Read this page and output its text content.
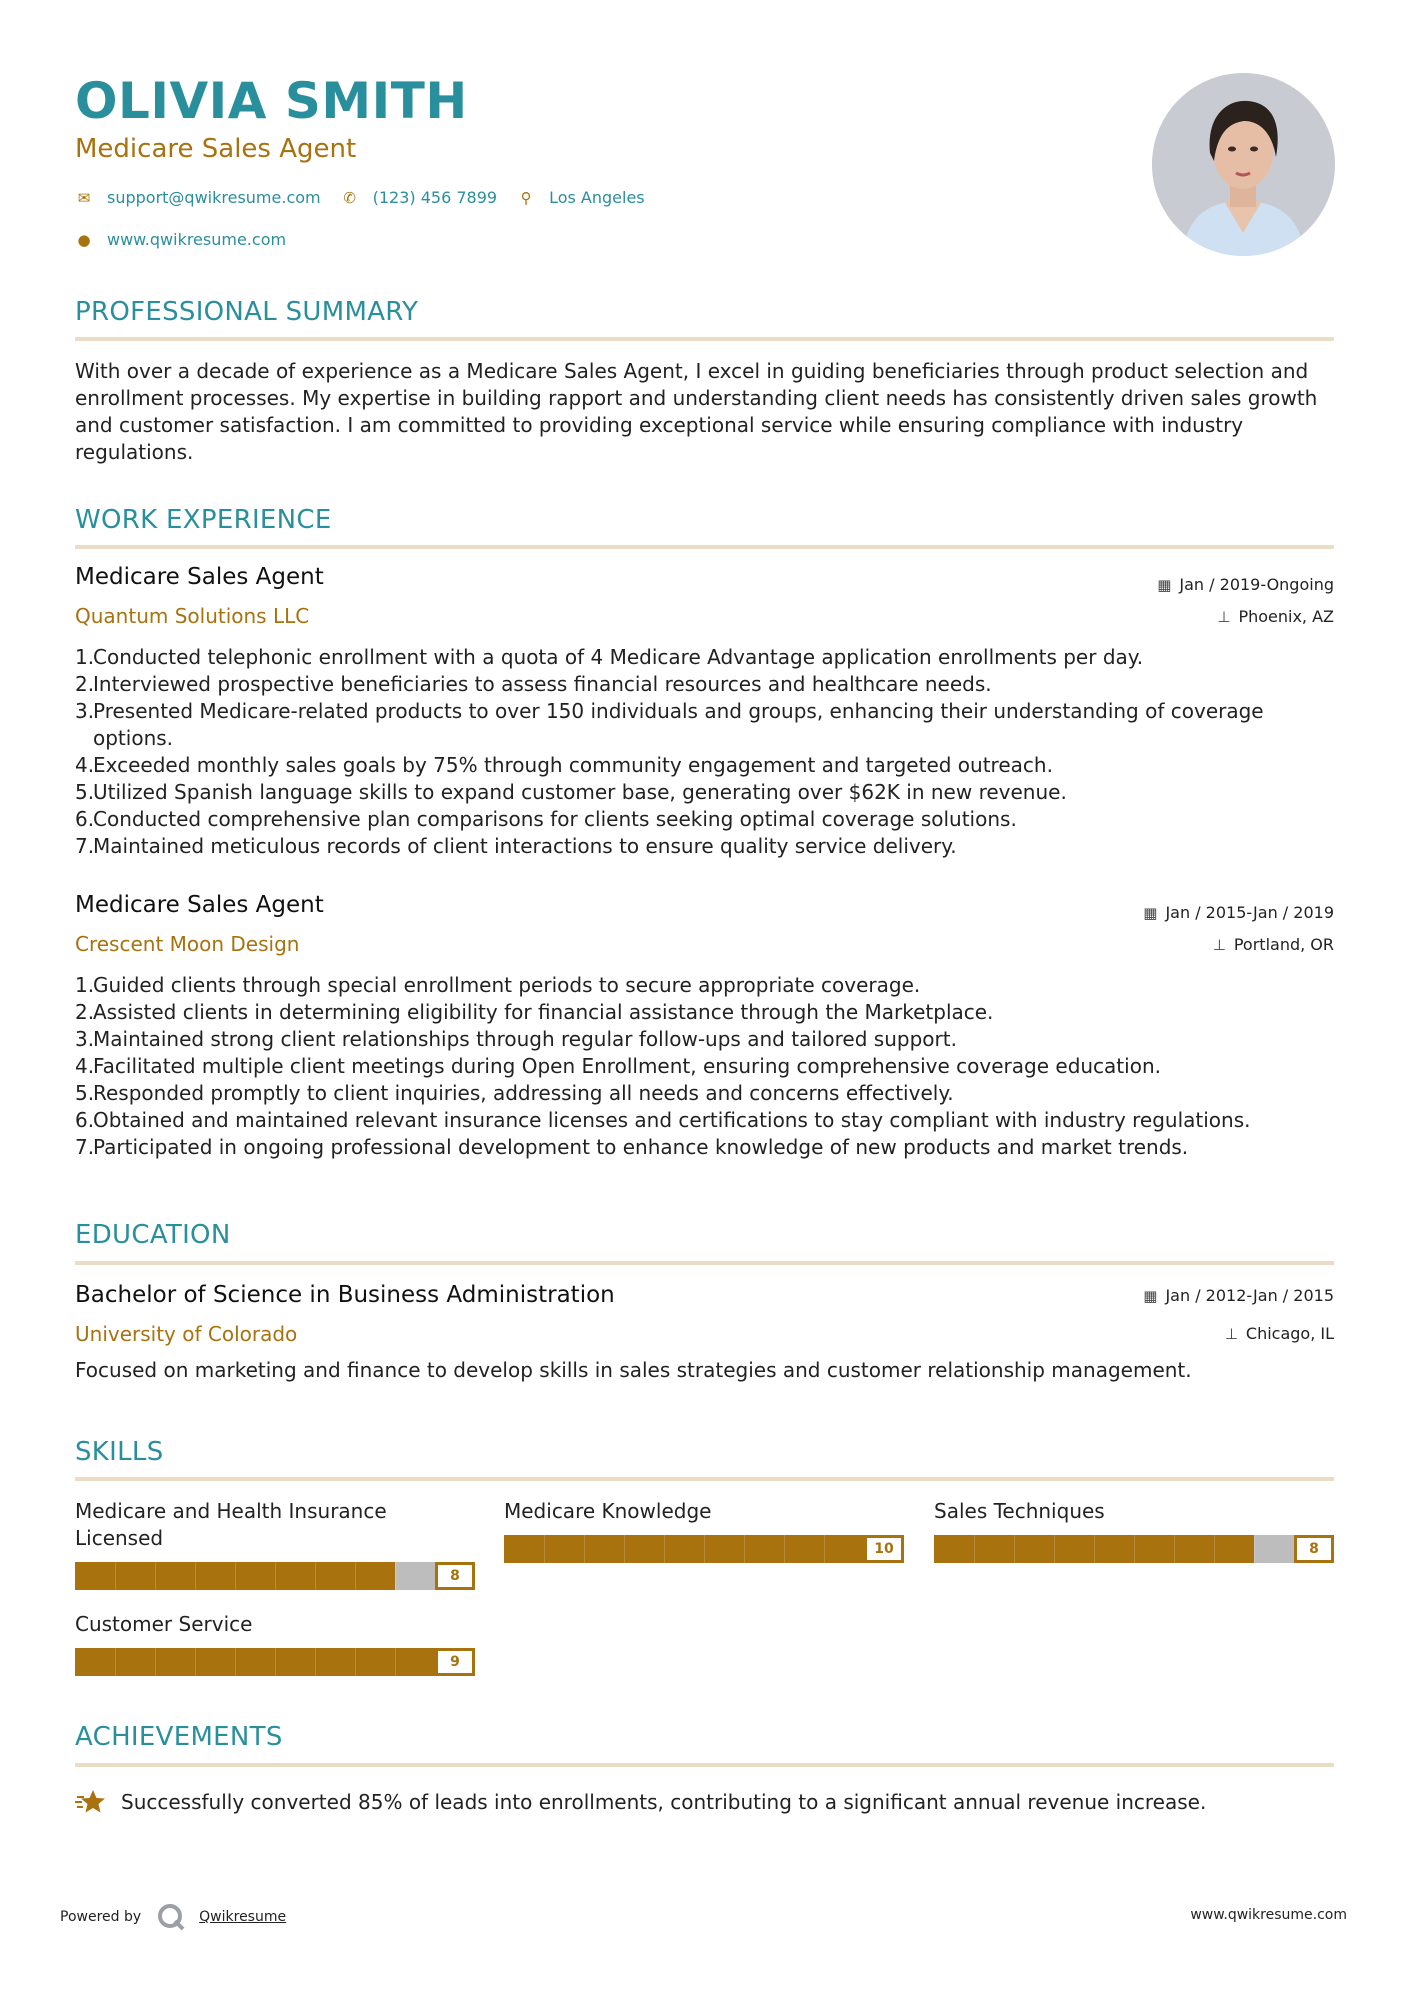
OLIVIA SMITH
Medicare Sales Agent
✉ support@qwikresume.com ✆ (123) 456 7899 ⚲ Los Angeles
● www.qwikresume.com
PROFESSIONAL SUMMARY
With over a decade of experience as a Medicare Sales Agent, I excel in guiding beneficiaries through product selection and enrollment processes. My expertise in building rapport and understanding client needs has consistently driven sales growth and customer satisfaction. I am committed to providing exceptional service while ensuring compliance with industry regulations.
WORK EXPERIENCE
Medicare Sales Agent	▦ Jan / 2019-Ongoing
Quantum Solutions LLC	⊥ Phoenix, AZ
1.
Conducted telephonic enrollment with a quota of 4 Medicare Advantage application enrollments per day.
2.
Interviewed prospective beneficiaries to assess financial resources and healthcare needs.
3.
Presented Medicare-related products to over 150 individuals and groups, enhancing their understanding of coverage options.
4.
Exceeded monthly sales goals by 75% through community engagement and targeted outreach.
5.
Utilized Spanish language skills to expand customer base, generating over $62K in new revenue.
6.
Conducted comprehensive plan comparisons for clients seeking optimal coverage solutions.
7.
Maintained meticulous records of client interactions to ensure quality service delivery.
Medicare Sales Agent	▦ Jan / 2015-Jan / 2019
Crescent Moon Design	⊥ Portland, OR
1.
Guided clients through special enrollment periods to secure appropriate coverage.
2.
Assisted clients in determining eligibility for financial assistance through the Marketplace.
3.
Maintained strong client relationships through regular follow-ups and tailored support.
4.
Facilitated multiple client meetings during Open Enrollment, ensuring comprehensive coverage education.
5.
Responded promptly to client inquiries, addressing all needs and concerns effectively.
6.
Obtained and maintained relevant insurance licenses and certifications to stay compliant with industry regulations.
7.
Participated in ongoing professional development to enhance knowledge of new products and market trends.
EDUCATION
Bachelor of Science in Business Administration	▦ Jan / 2012-Jan / 2015
University of Colorado	⊥ Chicago, IL
Focused on marketing and finance to develop skills in sales strategies and customer relationship management.
SKILLS
Medicare and Health Insurance Licensed
8
Medicare Knowledge
10
Sales Techniques
8
Customer Service
9
ACHIEVEMENTS
Successfully converted 85% of leads into enrollments, contributing to a significant annual revenue increase.
Powered by	Qwikresume	www.qwikresume.com
